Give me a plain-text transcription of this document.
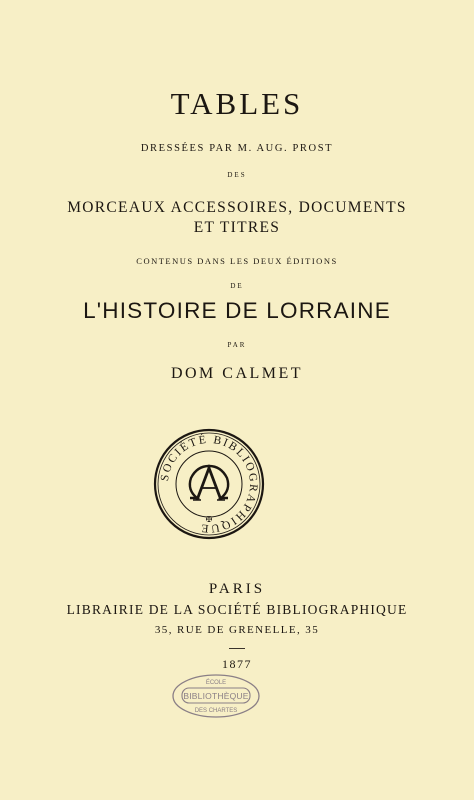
TABLES
DRESSÉES PAR M. AUG. PROST
DES
MORCEAUX ACCESSOIRES, DOCUMENTS
ET TITRES
CONTENUS DANS LES DEUX ÉDITIONS
DE
L'HISTOIRE DE LORRAINE
PAR
DOM CALMET
SOCIÉTÉ BIBLIOGRAPHIQUE
✠
PARIS
LIBRAIRIE DE LA SOCIÉTÉ BIBLIOGRAPHIQUE
35, RUE DE GRENELLE, 35
1877
ÉCOLE
BIBLIOTHÈQUE
DES CHARTES
